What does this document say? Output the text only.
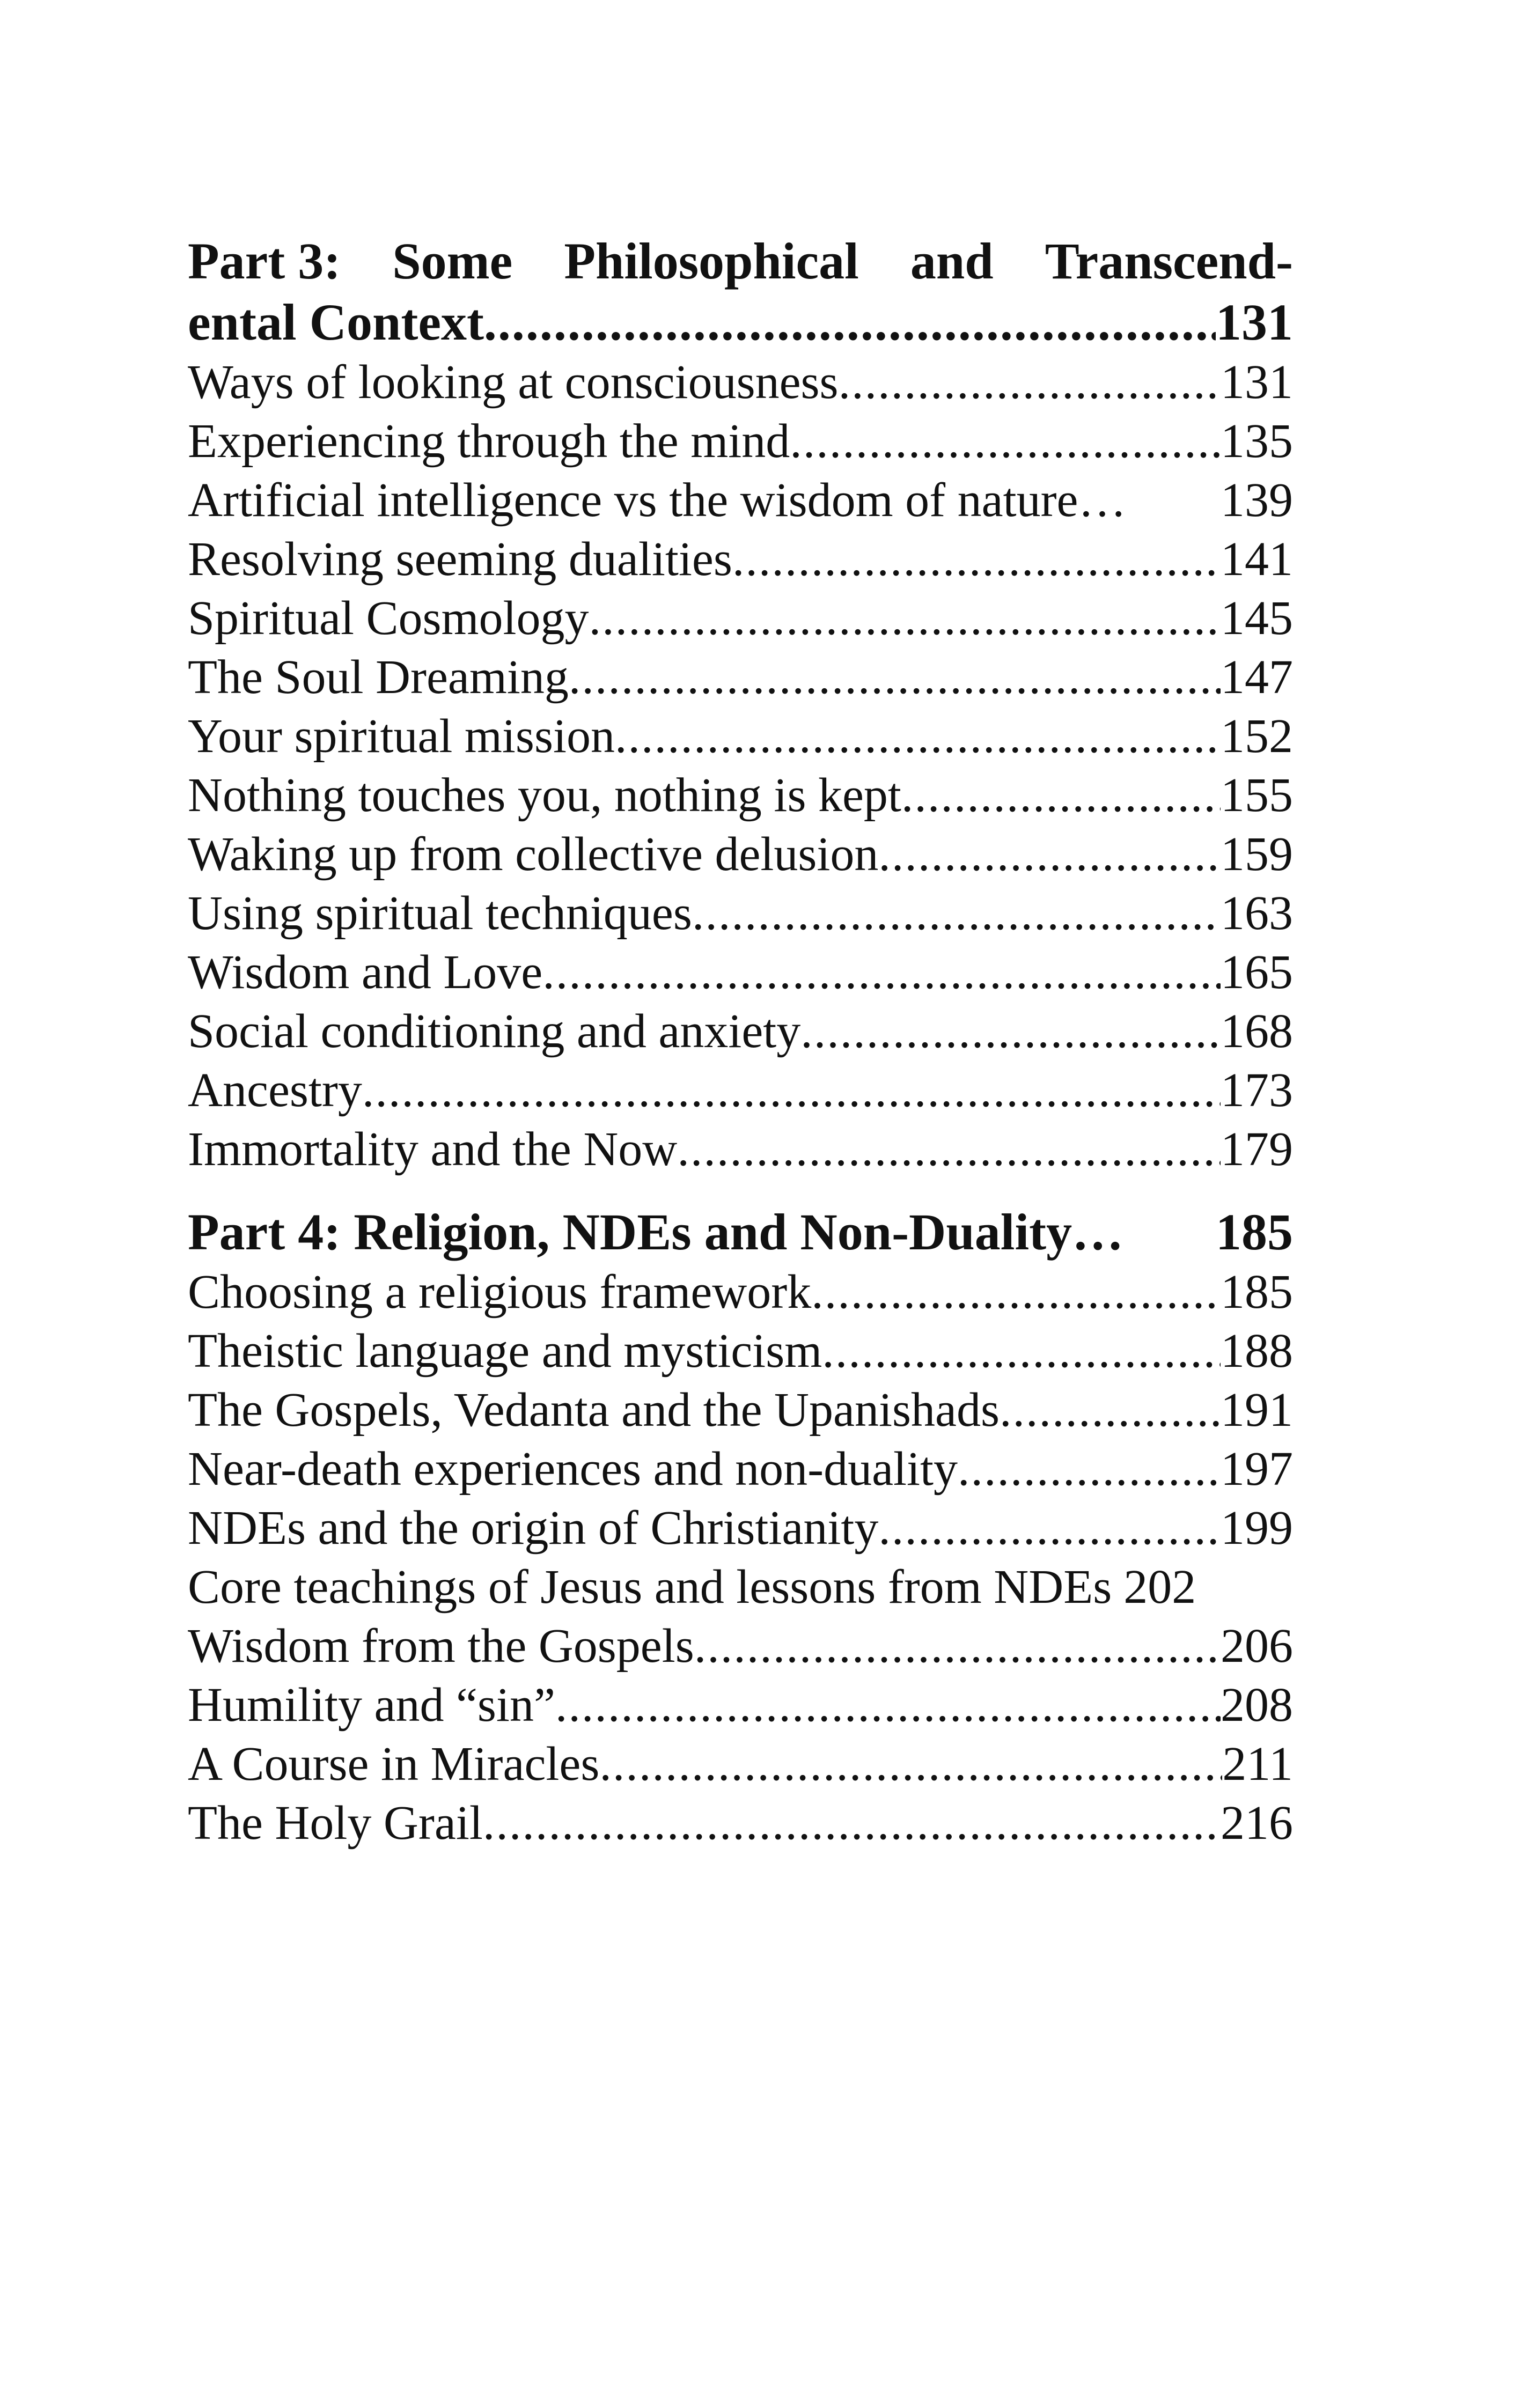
Part 3: Some Philosophical and Transcend-
ental Context .....	131
Ways of looking at consciousness .....	131
Experiencing through the mind .....	135
Artificial intelligence vs the wisdom of nature …	139
Resolving seeming dualities .....	141
Spiritual Cosmology .....	145
The Soul Dreaming .....	147
Your spiritual mission .....	152
Nothing touches you, nothing is kept .....	155
Waking up from collective delusion .....	159
Using spiritual techniques .....	163
Wisdom and Love .....	165
Social conditioning and anxiety .....	168
Ancestry .....	173
Immortality and the Now .....	179
Part 4: Religion, NDEs and Non-Duality …	185
Choosing a religious framework .....	185
Theistic language and mysticism .....	188
The Gospels, Vedanta and the Upanishads .....	191
Near-death experiences and non-duality .....	197
NDEs and the origin of Christianity .....	199
Core teachings of Jesus and lessons from NDEs 202
Wisdom from the Gospels .....	206
Humility and “sin” .....	208
A Course in Miracles .....	211
The Holy Grail .....	216
